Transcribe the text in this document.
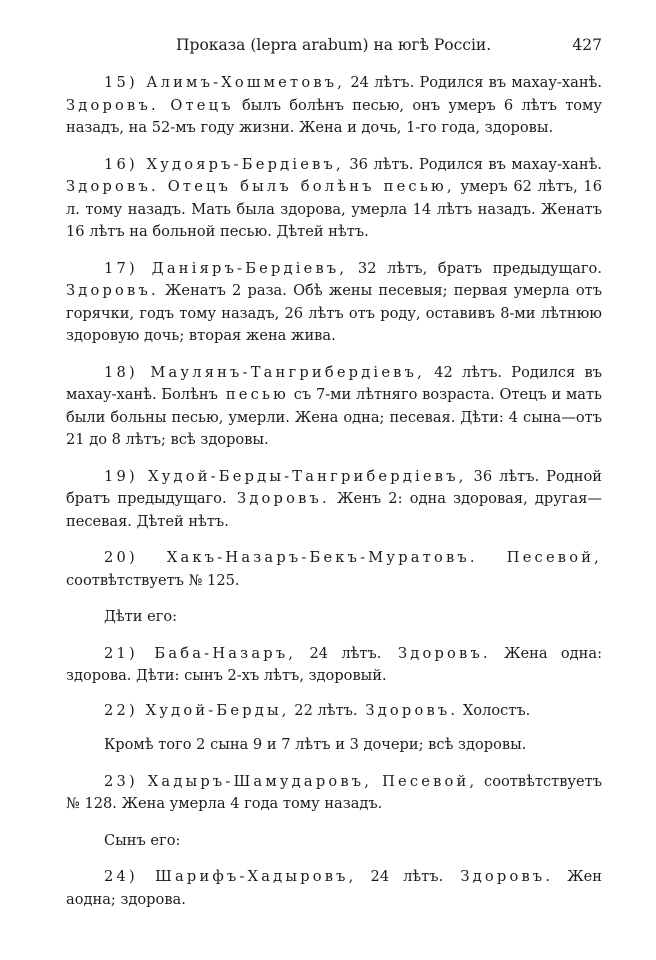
Проказа (lepra arabum) на югѣ Россіи.	427

15) Алимъ-Хошметовъ, 24 лѣтъ. Родился въ махау-ханѣ. Здоровъ. Отецъ былъ болѣнъ песью, онъ умеръ 6 лѣтъ тому назадъ, на 52-мъ году жизни. Жена и дочь, 1-го года, здоровы.

16) Худояръ-Бердіевъ, 36 лѣтъ. Родился въ махау-ханѣ. Здоровъ. Отецъ былъ болѣнъ песью, умеръ 62 лѣтъ, 16 л. тому назадъ. Мать была здорова, умерла 14 лѣтъ назадъ. Женатъ 16 лѣтъ на больной песью. Дѣтей нѣтъ.

17) Даніяръ-Бердіевъ, 32 лѣтъ, братъ предыдущаго. Здоровъ. Женатъ 2 раза. Обѣ жены песевыя; первая умерла отъ горячки, годъ тому назадъ, 26 лѣтъ отъ роду, оставивъ 8-ми лѣтнюю здоровую дочь; вторая жена жива.

18) Маулянъ-Тангрибердіевъ, 42 лѣтъ. Родился въ махау-ханѣ. Болѣнъ песью съ 7-ми лѣтняго возраста. Отецъ и мать были больны песью, умерли. Жена одна; песевая. Дѣти: 4 сына—отъ 21 до 8 лѣтъ; всѣ здоровы.

19) Худой-Берды-Тангрибердіевъ, 36 лѣтъ. Родной братъ предыдущаго. Здоровъ. Женъ 2: одна здоровая, другая—песевая. Дѣтей нѣтъ.

20) Хакъ-Назаръ-Бекъ-Муратовъ. Песевой, соотвѣтствуетъ № 125.

Дѣти его:

21) Баба-Назаръ, 24 лѣтъ. Здоровъ. Жена одна: здорова. Дѣти: сынъ 2-хъ лѣтъ, здоровый.

22) Худой-Берды, 22 лѣтъ. Здоровъ. Холостъ.

Кромѣ того 2 сына 9 и 7 лѣтъ и 3 дочери; всѣ здоровы.

23) Хадыръ-Шамударовъ, Песевой, соотвѣтствуетъ № 128. Жена умерла 4 года тому назадъ.

Сынъ его:

24) Шарифъ-Хадыровъ, 24 лѣтъ. Здоровъ. Жен аодна; здорова.
